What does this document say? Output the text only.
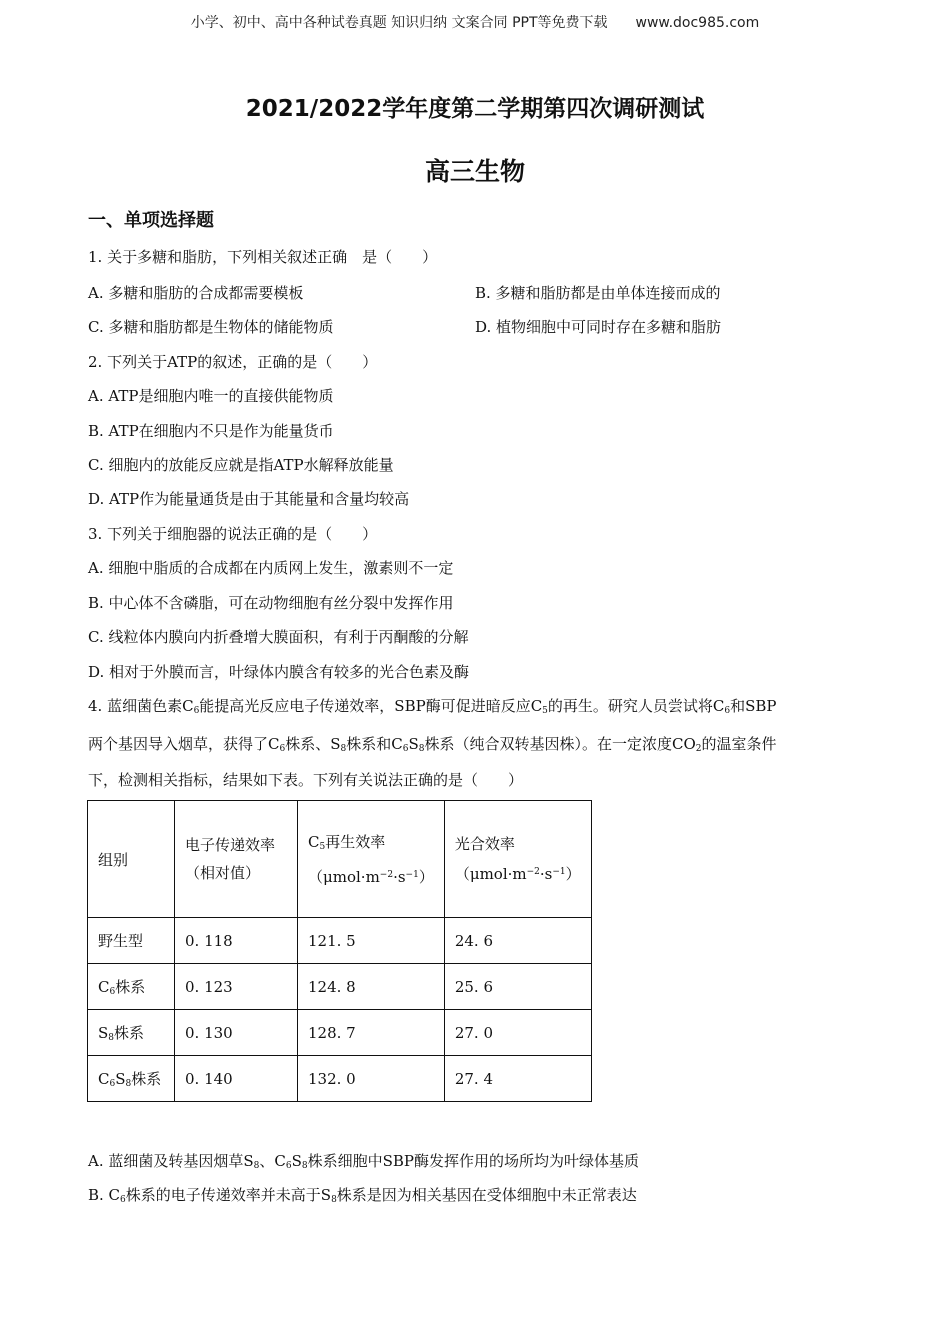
小学、初中、高中各种试卷真题 知识归纳 文案合同 PPT等免费下载　　www.doc985.com
2021/2022学年度第二学期第四次调研测试
高三生物
一、单项选择题
1. 关于多糖和脂肪，下列相关叙述正确　是（　　）
A. 多糖和脂肪的合成都需要模板	B. 多糖和脂肪都是由单体连接而成的
C. 多糖和脂肪都是生物体的储能物质	D. 植物细胞中可同时存在多糖和脂肪
2. 下列关于ATP的叙述，正确的是（　　）
A. ATP是细胞内唯一的直接供能物质
B. ATP在细胞内不只是作为能量货币
C. 细胞内的放能反应就是指ATP水解释放能量
D. ATP作为能量通货是由于其能量和含量均较高
3. 下列关于细胞器的说法正确的是（　　）
A. 细胞中脂质的合成都在内质网上发生，激素则不一定
B. 中心体不含磷脂，可在动物细胞有丝分裂中发挥作用
C. 线粒体内膜向内折叠增大膜面积，有利于丙酮酸的分解
D. 相对于外膜而言，叶绿体内膜含有较多的光合色素及酶
4. 蓝细菌色素$C_6$能提高光反应电子传递效率，SBP酶可促进暗反应$C_5$的再生。研究人员尝试将$C_6$和SBP
两个基因导入烟草，获得了$C_6$株系、$S_8$株系和$C_6S_8$株系（纯合双转基因株）。在一定浓度$CO_2$的温室条件
下，检测相关指标，结果如下表。下列有关说法正确的是（　　）
组别	电子传递效率（相对值）	$C_5$再生效率$(\mu mol\cdot m^{-2}\cdot s^{-1})$	光合效率$(\mu mol\cdot m^{-2}\cdot s^{-1})$

野生型	0. 118	121. 5	24. 6
$C_6$株系	0. 123	124. 8	25. 6
$S_8$株系	0. 130	128. 7	27. 0
$C_6S_8$株系	0. 140	132. 0	27. 4
A. 蓝细菌及转基因烟草$S_8$、$C_6S_8$株系细胞中SBP酶发挥作用的场所均为叶绿体基质
B. $C_6$株系的电子传递效率并未高于$S_8$株系是因为相关基因在受体细胞中未正常表达
